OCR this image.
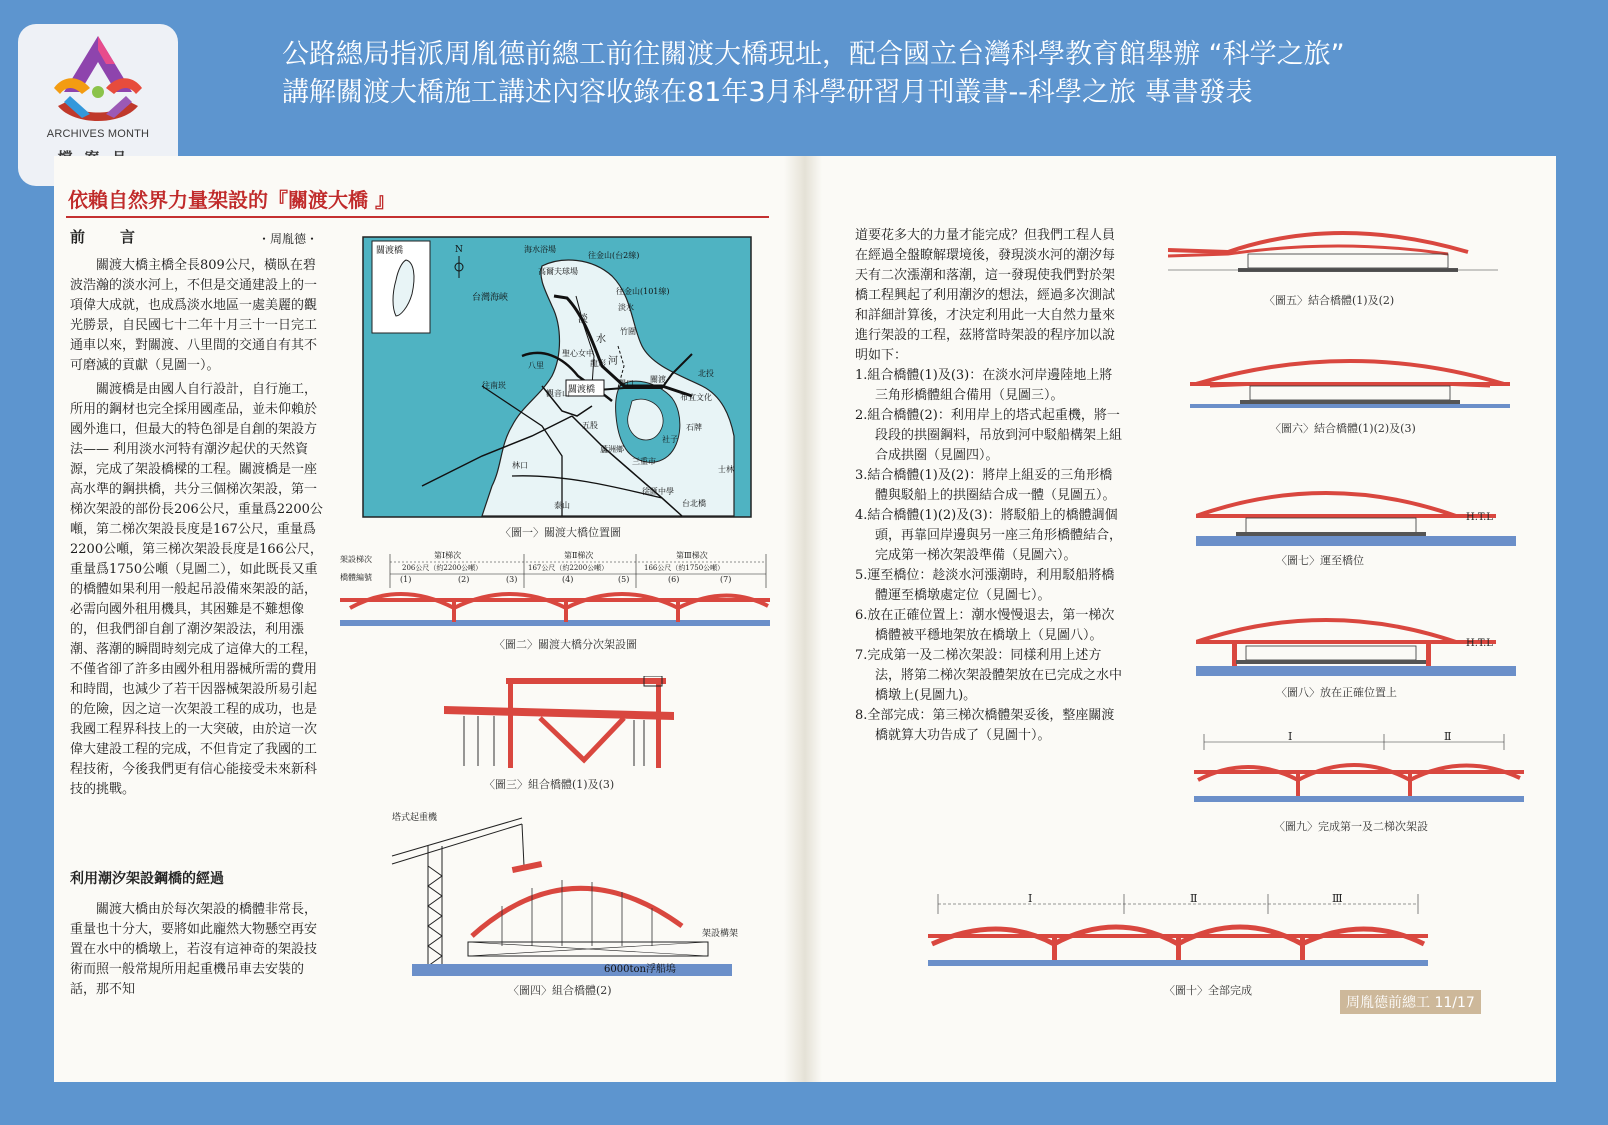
ARCHIVES MONTH
公路總局指派周胤德前總工前往關渡大橋現址，配合國立台灣科學教育館舉辦 “科学之旅”
講解關渡大橋施工講述內容收錄在81年3月科學研習月刊叢書--科學之旅 專書發表
依賴自然界力量架設的『關渡大橋 』
前　言	・周胤德・

關渡大橋主橋全長809公尺，橫臥在碧波浩瀚的淡水河上，不但是交通建設上的一項偉大成就，也成爲淡水地區一處美麗的觀光勝景，自民國七十二年十月三十一日完工通車以來，對關渡、八里間的交通自有其不可磨滅的貢獻（見圖一）。

關渡橋是由國人自行設計，自行施工，所用的鋼材也完全採用國產品，並未仰賴於國外進口，但最大的特色卻是自創的架設方法—— 利用淡水河特有潮汐起伏的天然資源，完成了架設橋樑的工程。關渡橋是一座高水準的鋼拱橋，共分三個梯次架設，第一梯次架設的部份長206公尺，重量爲2200公噸，第二梯次架設長度是167公尺，重量爲2200公噸，第三梯次架設長度是166公尺，重量爲1750公噸（見圖二），如此既長又重的橋體如果利用一般起吊設備來架設的話，必需向國外租用機具，其困難是不難想像的，但我們卻自創了潮汐架設法，利用漲潮、落潮的瞬間時刻完成了這偉大的工程，不僅省卻了許多由國外租用器械所需的費用和時間，也減少了若干因器械架設所易引起的危險，因之這一次架設工程的成功，也是我國工程界科技上的一大突破，由於這一次偉大建設工程的完成，不但肯定了我國的工程技術，今後我們更有信心能接受未來新科技的挑戰。

利用潮汐架設鋼橋的經過

關渡大橋由於每次架設的橋體非常長，重量也十分大，要將如此龐然大物懸空再安置在水中的橋墩上，若沒有這神奇的架設技術而照一般常規所用起重機吊車去安裝的話，那不知

關渡橋	N	海水浴場
高爾夫球場
往金山(台2線)
往金山(101線)
台灣海峽
淡
水
河
淡水
竹圍
北投
八里
往南崁
聖心女中
龍形
觀音山
關渡橋
關口 關渡
五股
蘆洲鄉
石牌
林口
泰山
三重市
徐匯中學
士林
台北橋
社子
布宜文化
〈圖一〉關渡大橋位置圖
架設梯次
橋體編號
第Ⅰ梯次	第Ⅱ梯次	第Ⅲ梯次
206公尺（約2200公噸）	167公尺（約2200公噸）	166公尺（約1750公噸）
(1)	(2)	(3)	(4)	(5)	(6)	(7)
〈圖二〉關渡大橋分次架設圖
〈圖三〉組合橋體(1)及(3)
塔式起重機
架設構架
6000ton浮船塢
〈圖四〉組合橋體(2)

道要花多大的力量才能完成？但我們工程人員在經過全盤瞭解環境後，發現淡水河的潮汐每天有二次漲潮和落潮，這一發現使我們對於架橋工程興起了利用潮汐的想法，經過多次測試和詳細計算後，才決定利用此一大自然力量來進行架設的工程，茲將當時架設的程序加以說明如下：

1.組合橋體(1)及(3)：在淡水河岸邊陸地上將三角形橋體組合備用（見圖三）。
2.組合橋體(2)：利用岸上的塔式起重機，將一段段的拱圈鋼料，吊放到河中駁船構架上組合成拱圈（見圖四）。
3.結合橋體(1)及(2)：將岸上組妥的三角形橋體與駁船上的拱圈結合成一體（見圖五）。
4.結合橋體(1)(2)及(3)：將駁船上的橋體調個頭，再靠回岸邊與另一座三角形橋體結合，完成第一梯次架設準備（見圖六）。
5.運至橋位：趁淡水河漲潮時，利用駁船將橋體運至橋墩處定位（見圖七）。
6.放在正確位置上：潮水慢慢退去，第一梯次橋體被平穩地架放在橋墩上（見圖八）。
7.完成第一及二梯次架設：同樣利用上述方法，將第二梯次架設體架放在已完成之水中橋墩上(見圖九)。
8.全部完成：第三梯次橋體架妥後，整座關渡橋就算大功告成了（見圖十）。
〈圖五〉結合橋體(1)及(2)
〈圖六〉結合橋體(1)(2)及(3)
H.T.L
〈圖七〉運至橋位
H.T.L
〈圖八〉放在正確位置上
Ⅰ	Ⅱ
〈圖九〉完成第一及二梯次架設
Ⅰ	Ⅱ	Ⅲ
〈圖十〉全部完成
周胤德前總工 11/17
